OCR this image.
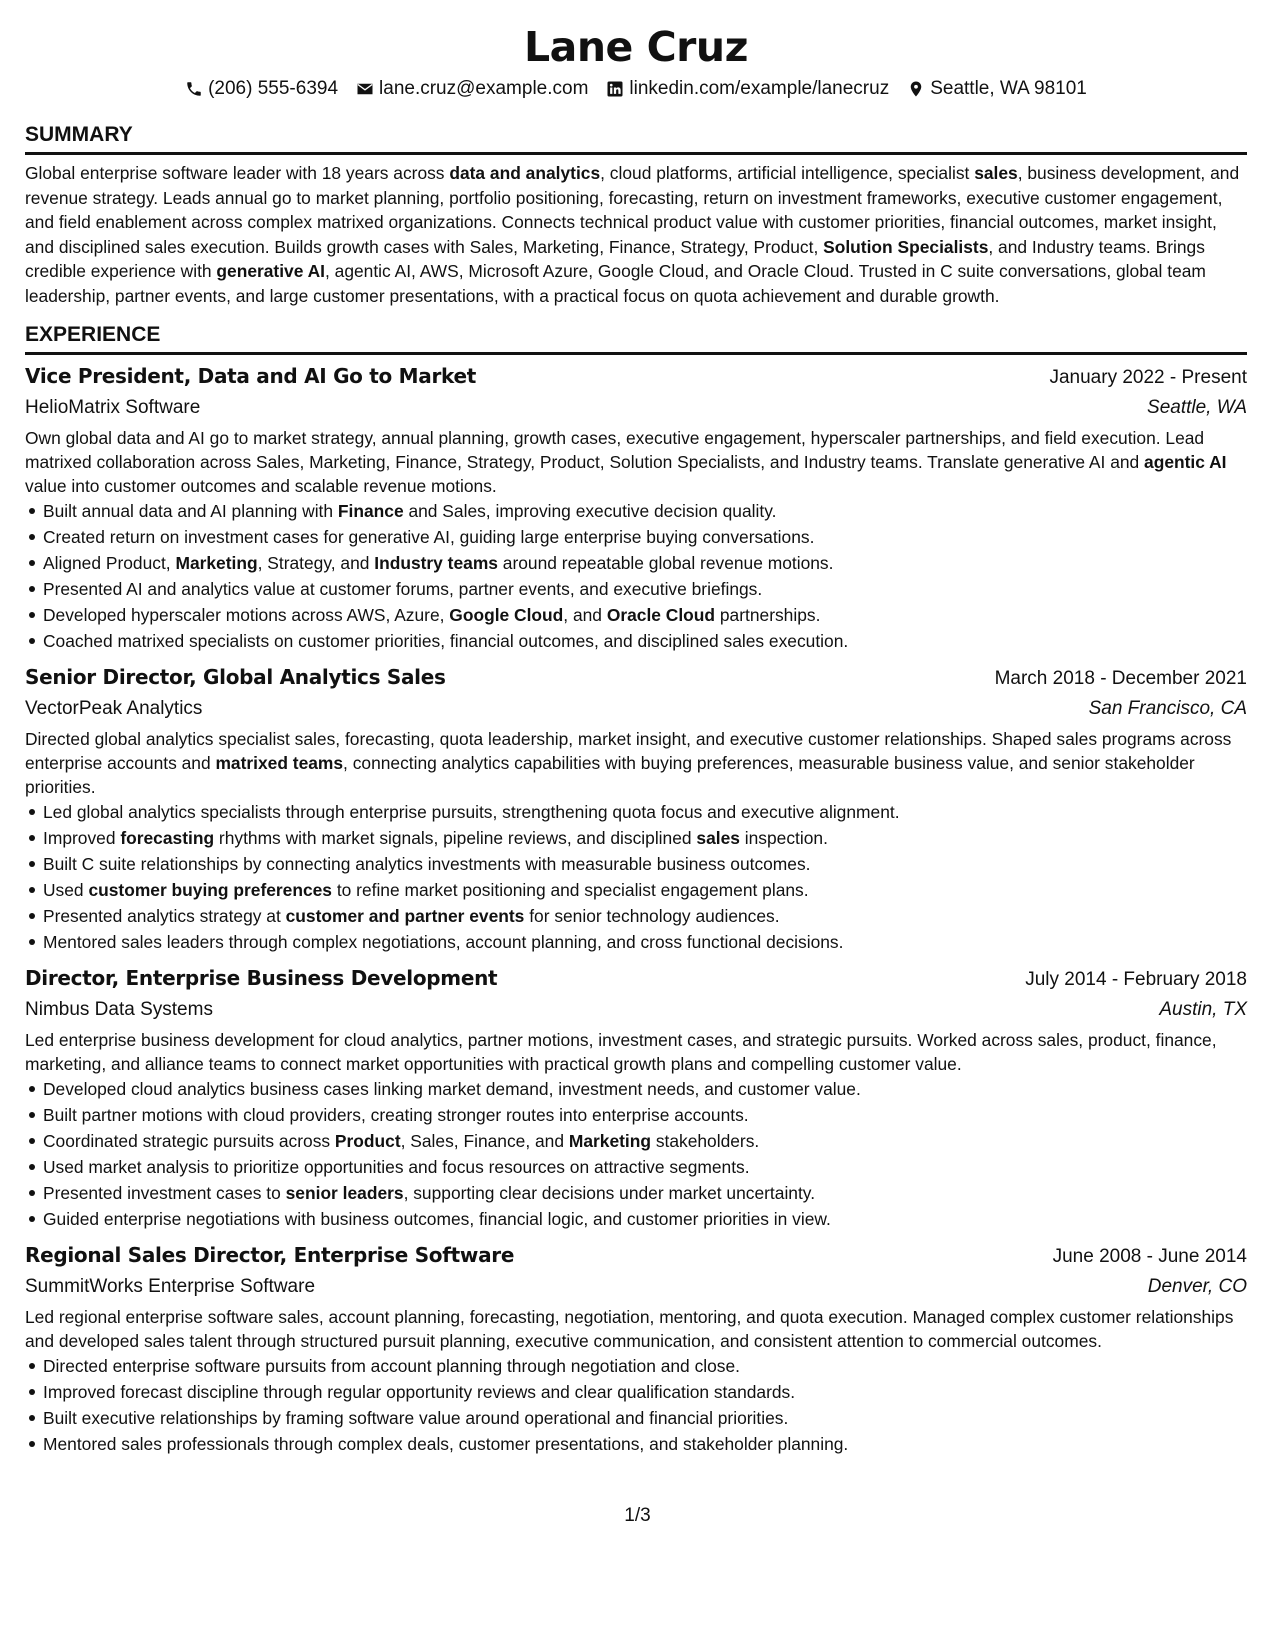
Lane Cruz
(206) 555-6394 lane.cruz@example.com linkedin.com/example/lanecruz Seattle, WA 98101
SUMMARY
Global enterprise software leader with 18 years across data and analytics, cloud platforms, artificial intelligence, specialist sales, business development, and revenue strategy. Leads annual go to market planning, portfolio positioning, forecasting, return on investment frameworks, executive customer engagement, and field enablement across complex matrixed organizations. Connects technical product value with customer priorities, financial outcomes, market insight, and disciplined sales execution. Builds growth cases with Sales, Marketing, Finance, Strategy, Product, Solution Specialists, and Industry teams. Brings credible experience with generative AI, agentic AI, AWS, Microsoft Azure, Google Cloud, and Oracle Cloud. Trusted in C suite conversations, global team leadership, partner events, and large customer presentations, with a practical focus on quota achievement and durable growth.
EXPERIENCE
Vice President, Data and AI Go to Market	January 2022 - Present
HelioMatrix Software	Seattle, WA
Own global data and AI go to market strategy, annual planning, growth cases, executive engagement, hyperscaler partnerships, and field execution. Lead matrixed collaboration across Sales, Marketing, Finance, Strategy, Product, Solution Specialists, and Industry teams. Translate generative AI and agentic AI value into customer outcomes and scalable revenue motions.
Built annual data and AI planning with Finance and Sales, improving executive decision quality.
Created return on investment cases for generative AI, guiding large enterprise buying conversations.
Aligned Product, Marketing, Strategy, and Industry teams around repeatable global revenue motions.
Presented AI and analytics value at customer forums, partner events, and executive briefings.
Developed hyperscaler motions across AWS, Azure, Google Cloud, and Oracle Cloud partnerships.
Coached matrixed specialists on customer priorities, financial outcomes, and disciplined sales execution.
Senior Director, Global Analytics Sales	March 2018 - December 2021
VectorPeak Analytics	San Francisco, CA
Directed global analytics specialist sales, forecasting, quota leadership, market insight, and executive customer relationships. Shaped sales programs across enterprise accounts and matrixed teams, connecting analytics capabilities with buying preferences, measurable business value, and senior stakeholder priorities.
Led global analytics specialists through enterprise pursuits, strengthening quota focus and executive alignment.
Improved forecasting rhythms with market signals, pipeline reviews, and disciplined sales inspection.
Built C suite relationships by connecting analytics investments with measurable business outcomes.
Used customer buying preferences to refine market positioning and specialist engagement plans.
Presented analytics strategy at customer and partner events for senior technology audiences.
Mentored sales leaders through complex negotiations, account planning, and cross functional decisions.
Director, Enterprise Business Development	July 2014 - February 2018
Nimbus Data Systems	Austin, TX
Led enterprise business development for cloud analytics, partner motions, investment cases, and strategic pursuits. Worked across sales, product, finance, marketing, and alliance teams to connect market opportunities with practical growth plans and compelling customer value.
Developed cloud analytics business cases linking market demand, investment needs, and customer value.
Built partner motions with cloud providers, creating stronger routes into enterprise accounts.
Coordinated strategic pursuits across Product, Sales, Finance, and Marketing stakeholders.
Used market analysis to prioritize opportunities and focus resources on attractive segments.
Presented investment cases to senior leaders, supporting clear decisions under market uncertainty.
Guided enterprise negotiations with business outcomes, financial logic, and customer priorities in view.
Regional Sales Director, Enterprise Software	June 2008 - June 2014
SummitWorks Enterprise Software	Denver, CO
Led regional enterprise software sales, account planning, forecasting, negotiation, mentoring, and quota execution. Managed complex customer relationships and developed sales talent through structured pursuit planning, executive communication, and consistent attention to commercial outcomes.
Directed enterprise software pursuits from account planning through negotiation and close.
Improved forecast discipline through regular opportunity reviews and clear qualification standards.
Built executive relationships by framing software value around operational and financial priorities.
Mentored sales professionals through complex deals, customer presentations, and stakeholder planning.
1/3
